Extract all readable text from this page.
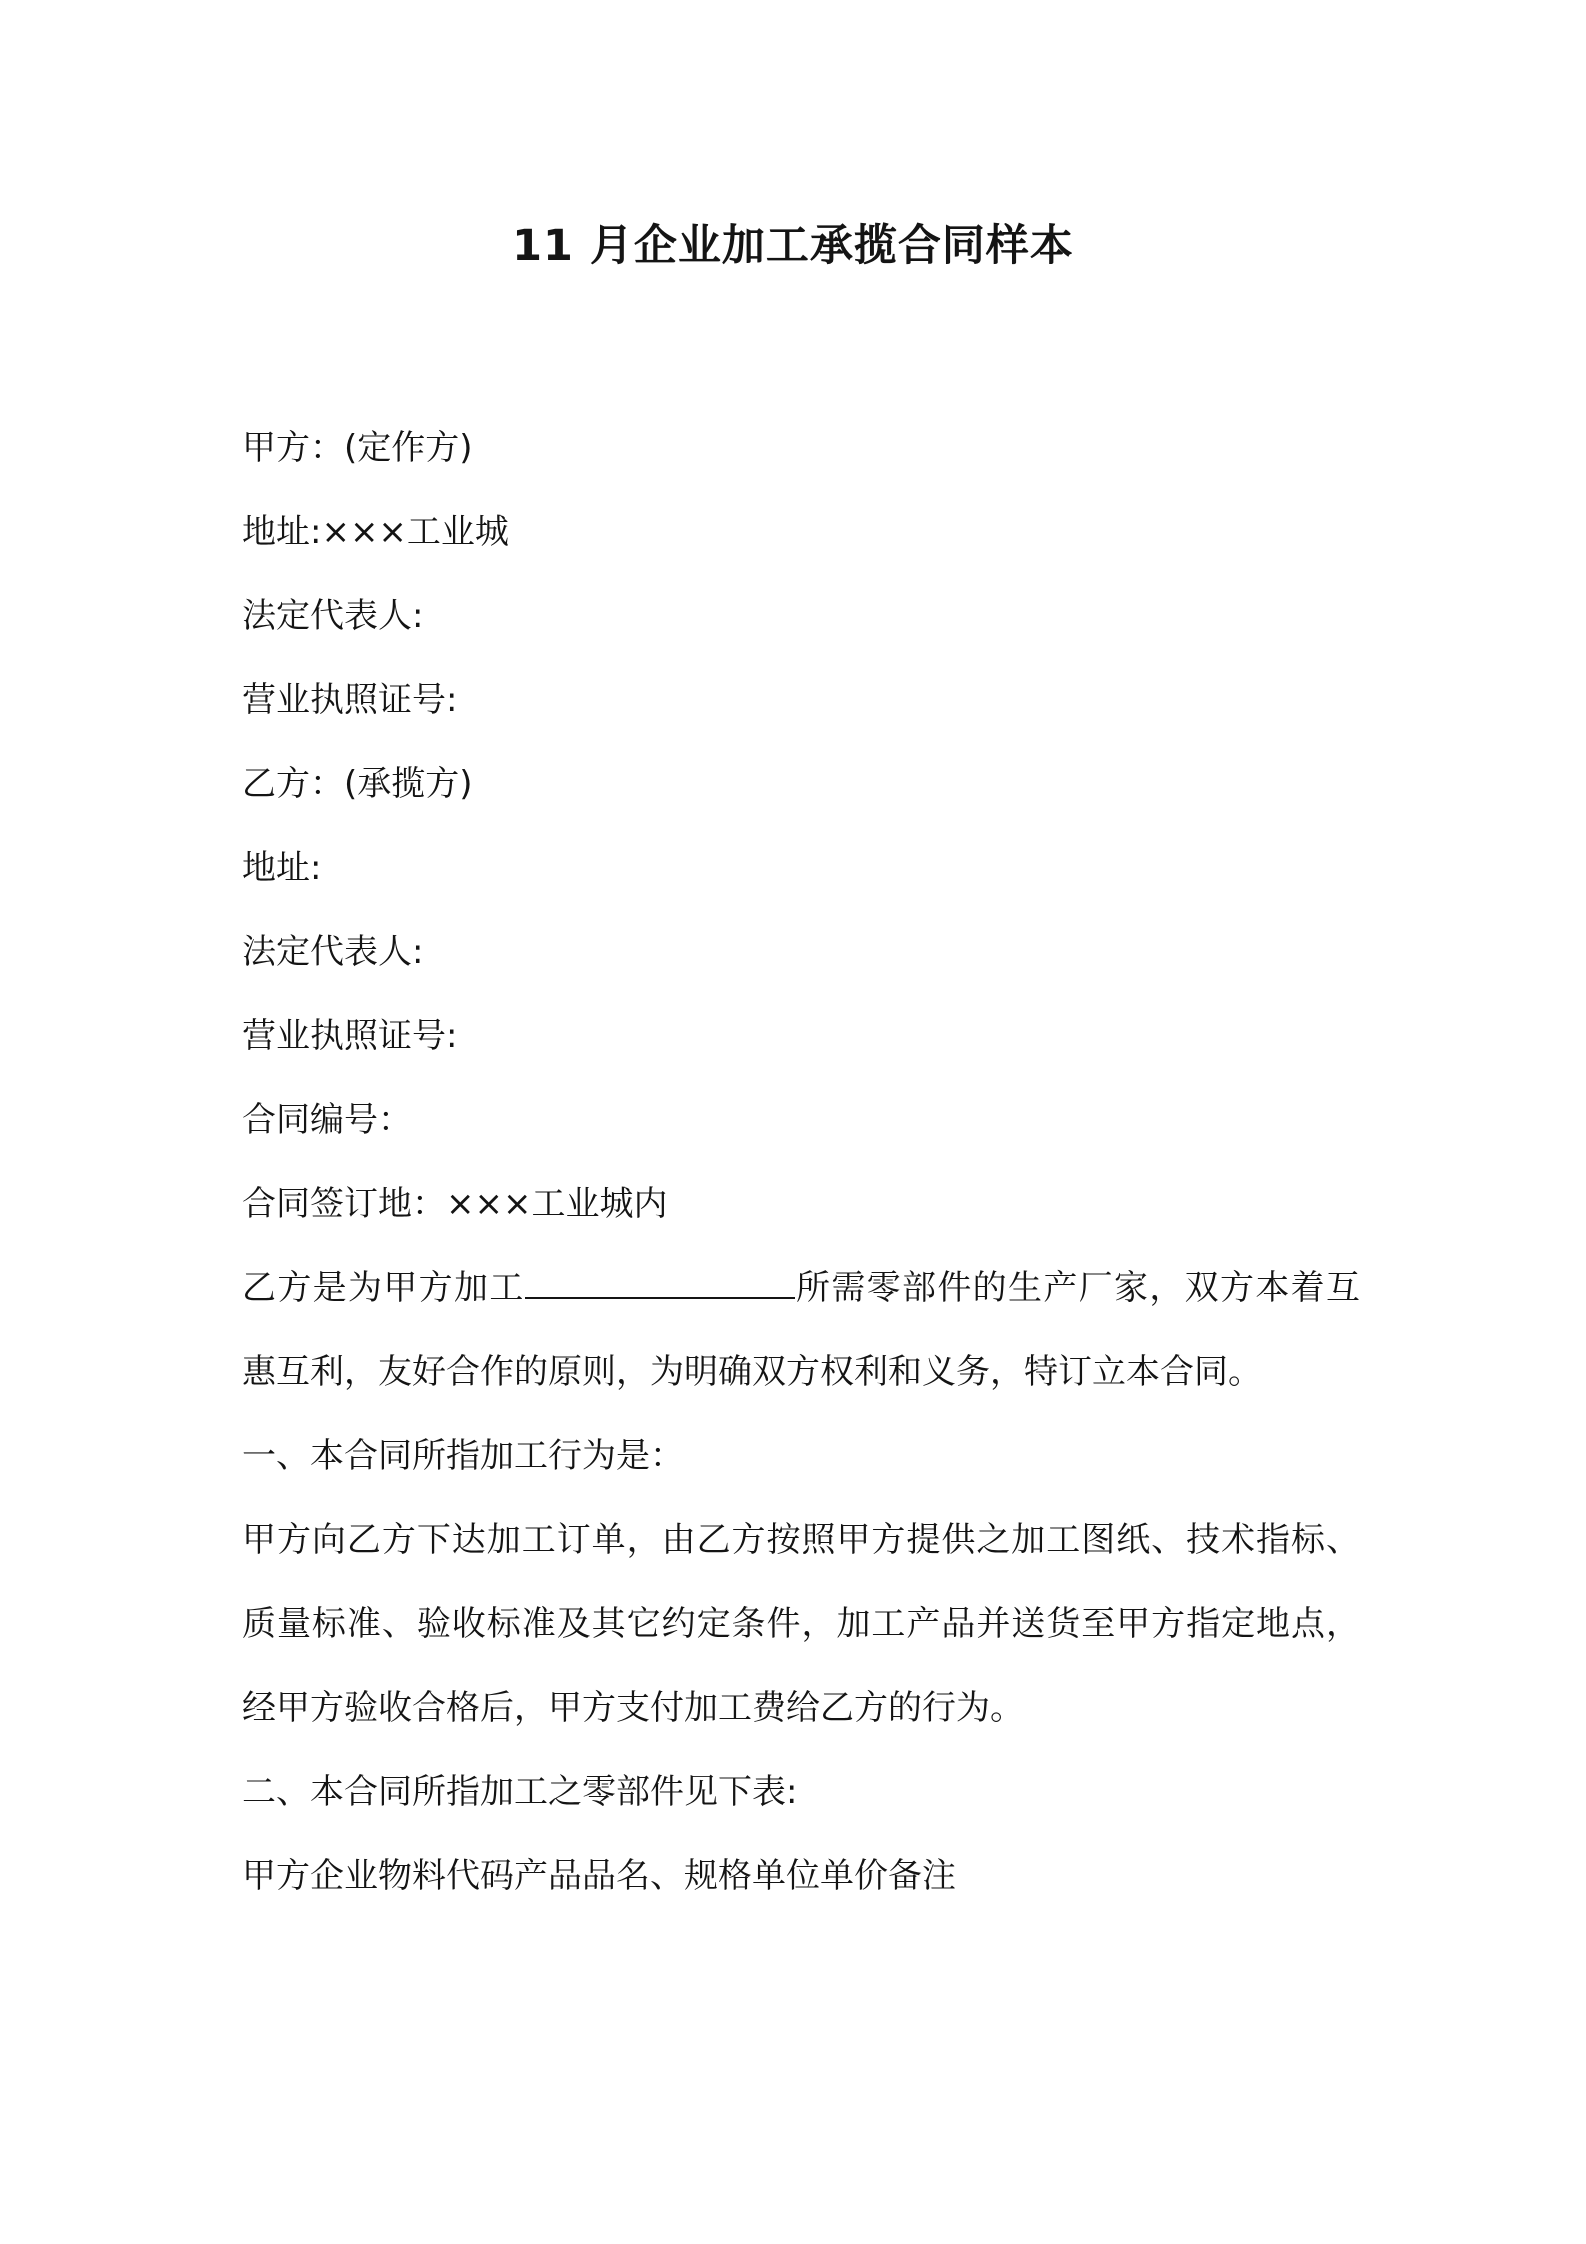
11 月企业加工承揽合同样本
甲方：(定作方)
地址:×××工业城
法定代表人:
营业执照证号:
乙方：(承揽方)
地址:
法定代表人:
营业执照证号:
合同编号：
合同签订地：×××工业城内
乙方是为甲方加工	所需零部件的生产厂家，双方本着互惠互利，友好合作的原则，为明确双方权利和义务，特订立本合同。
一、本合同所指加工行为是：
甲方向乙方下达加工订单，由乙方按照甲方提供之加工图纸、技术指标、质量标准、验收标准及其它约定条件，加工产品并送货至甲方指定地点，经甲方验收合格后，甲方支付加工费给乙方的行为。
二、本合同所指加工之零部件见下表:
甲方企业物料代码产品品名、规格单位单价备注
